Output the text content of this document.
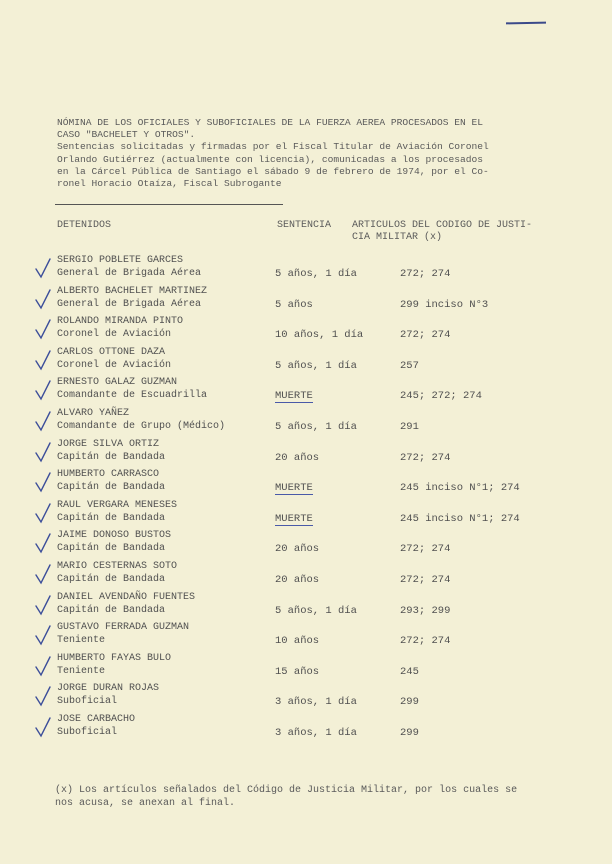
NÓMINA DE LOS OFICIALES Y SUBOFICIALES DE LA FUERZA AEREA PROCESADOS EN EL

CASO "BACHELET Y OTROS".

Sentencias solicitadas y firmadas por el Fiscal Titular de Aviación Coronel

Orlando Gutiérrez (actualmente con licencia), comunicadas a los procesados

en la Cárcel Pública de Santiago el sábado 9 de febrero de 1974, por el Co-

ronel Horacio Otaíza, Fiscal Subrogante

DETENIDOS	SENTENCIA ARTICULOS DEL CODIGO DE JUSTI-
CIA MILITAR (x)
SERGIO POBLETE GARCES
General de Brigada Aérea	5 años, 1 día	272; 274
ALBERTO BACHELET MARTINEZ
General de Brigada Aérea	5 años	299 inciso N°3
ROLANDO MIRANDA PINTO
Coronel de Aviación	10 años, 1 día	272; 274
CARLOS OTTONE DAZA
Coronel de Aviación	5 años, 1 día	257
ERNESTO GALAZ GUZMAN
Comandante de Escuadrilla	MUERTE	245; 272; 274
ALVARO YAÑEZ
Comandante de Grupo (Médico)	5 años, 1 día	291
JORGE SILVA ORTIZ
Capitán de Bandada	20 años	272; 274
HUMBERTO CARRASCO
Capitán de Bandada	MUERTE	245 inciso N°1; 274
RAUL VERGARA MENESES
Capitán de Bandada	MUERTE	245 inciso N°1; 274
JAIME DONOSO BUSTOS
Capitán de Bandada	20 años	272; 274
MARIO CESTERNAS SOTO
Capitán de Bandada	20 años	272; 274
DANIEL AVENDAÑO FUENTES
Capitán de Bandada	5 años, 1 día	293; 299
GUSTAVO FERRADA GUZMAN
Teniente	10 años	272; 274
HUMBERTO FAYAS BULO
Teniente	15 años	245
JORGE DURAN ROJAS
Suboficial	3 años, 1 día	299
JOSE CARBACHO
Suboficial	3 años, 1 día	299
(x) Los artículos señalados del Código de Justicia Militar, por los cuales se
nos acusa, se anexan al final.
